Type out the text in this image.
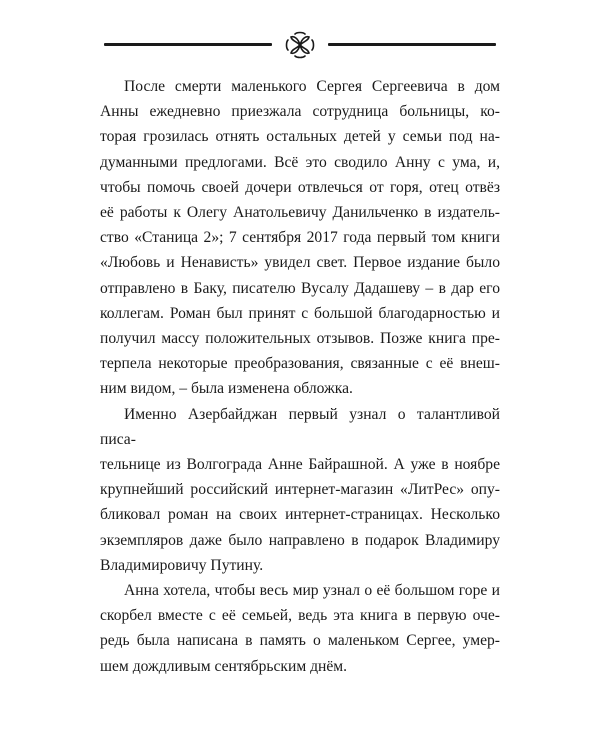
После смерти маленького Сергея Сергеевича в дом
Анны ежедневно приезжала сотрудница больницы, ко-
торая грозилась отнять остальных детей у семьи под на-
думанными предлогами. Всё это сводило Анну с ума, и,
чтобы помочь своей дочери отвлечься от горя, отец отвёз
её работы к Олегу Анатольевичу Данильченко в издатель-
ство «Станица 2»; 7 сентября 2017 года первый том книги
«Любовь и Ненависть» увидел свет. Первое издание было
отправлено в Баку, писателю Вусалу Дадашеву – в дар его
коллегам. Роман был принят с большой благодарностью и
получил массу положительных отзывов. Позже книга пре-
терпела некоторые преобразования, связанные с её внеш-
ним видом, – была изменена обложка.

Именно Азербайджан первый узнал о талантливой писа-
тельнице из Волгограда Анне Байрашной. А уже в ноябре
крупнейший российский интернет-магазин «ЛитРес» опу-
бликовал роман на своих интернет-страницах. Несколько
экземпляров даже было направлено в подарок Владимиру
Владимировичу Путину.

Анна хотела, чтобы весь мир узнал о её большом горе и
скорбел вместе с её семьей, ведь эта книга в первую оче-
редь была написана в память о маленьком Сергее, умер-
шем дождливым сентябрьским днём.
